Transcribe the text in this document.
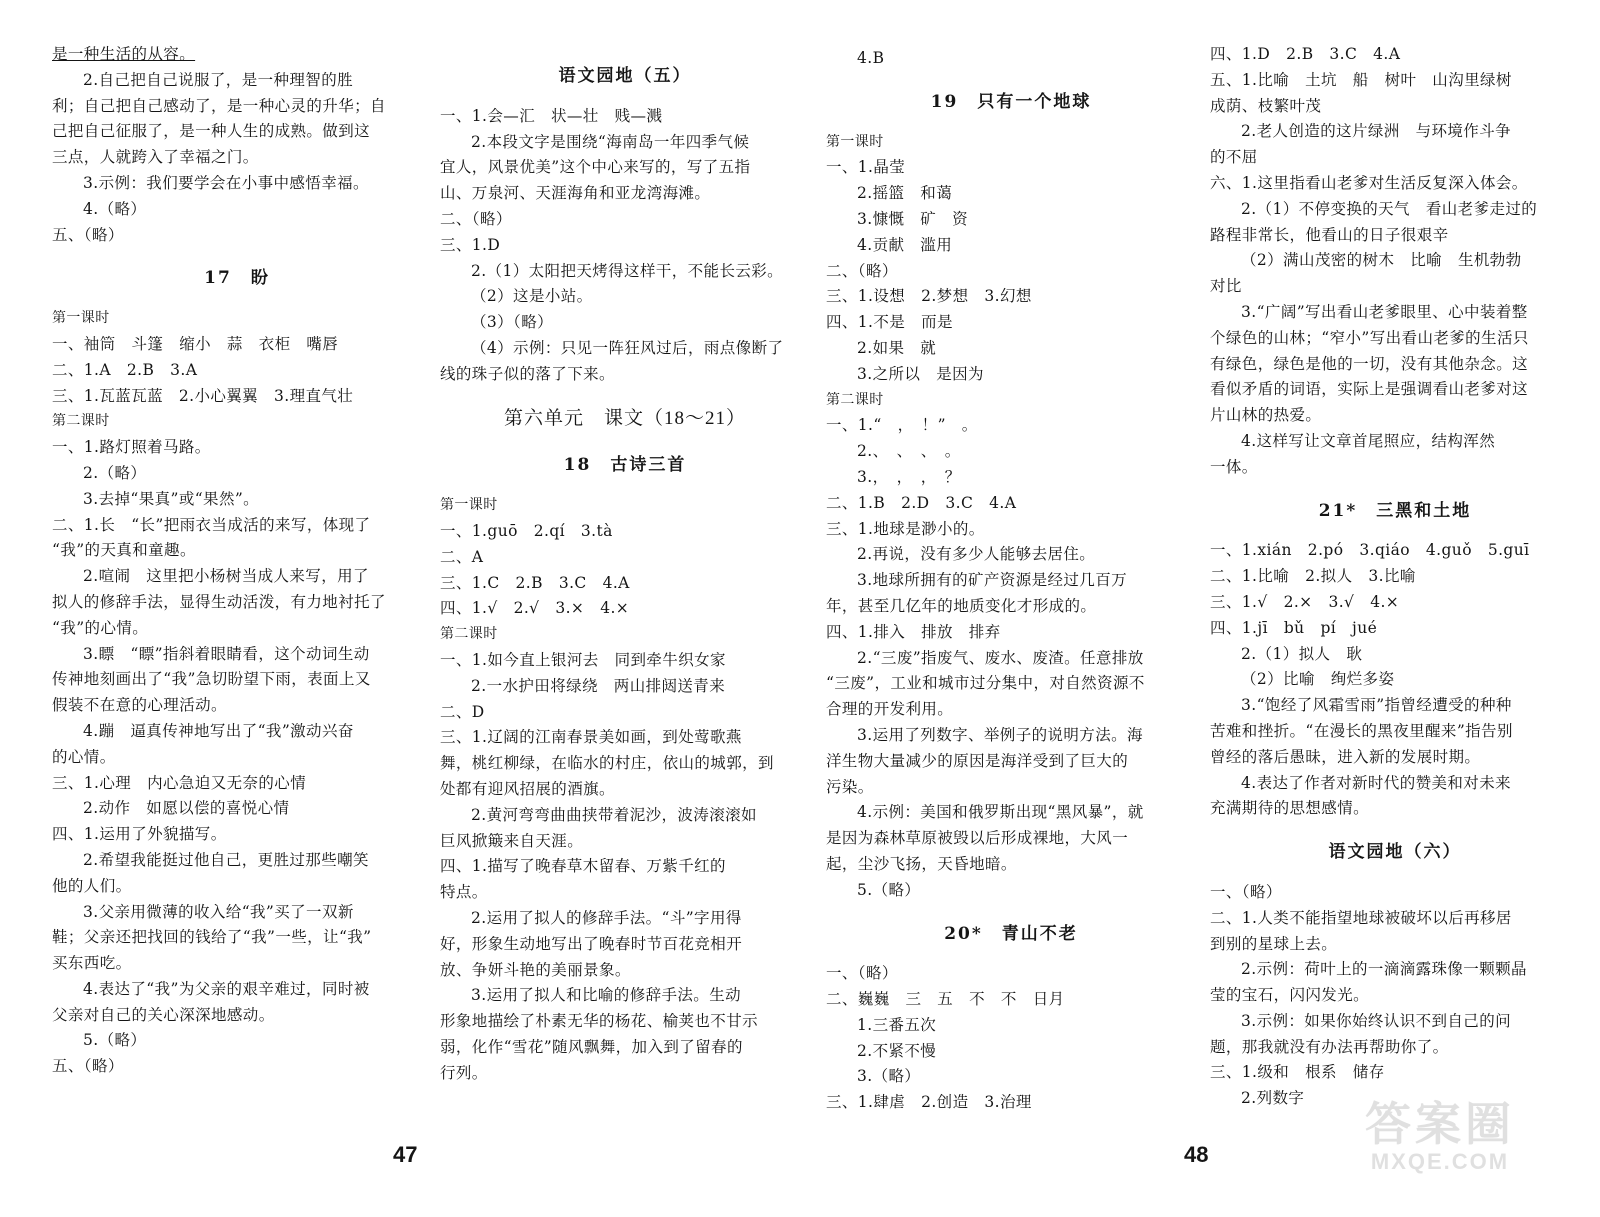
是一种生活的从容。
2.自己把自己说服了，是一种理智的胜
利；自己把自己感动了，是一种心灵的升华；自
己把自己征服了，是一种人生的成熟。做到这
三点，人就跨入了幸福之门。
3.示例：我们要学会在小事中感悟幸福。
4.（略）
五、（略）
17　盼
第一课时
一、袖筒　斗篷　缩小　蒜　衣柜　嘴唇
二、1.A　2.B　3.A
三、1.瓦蓝瓦蓝　2.小心翼翼　3.理直气壮
第二课时
一、1.路灯照着马路。
2.（略）
3.去掉“果真”或“果然”。
二、1.长　“长”把雨衣当成活的来写，体现了
“我”的天真和童趣。
2.喧闹　这里把小杨树当成人来写，用了
拟人的修辞手法，显得生动活泼，有力地衬托了
“我”的心情。
3.瞟　“瞟”指斜着眼睛看，这个动词生动
传神地刻画出了“我”急切盼望下雨，表面上又
假装不在意的心理活动。
4.蹦　逼真传神地写出了“我”激动兴奋
的心情。
三、1.心理　内心急迫又无奈的心情
2.动作　如愿以偿的喜悦心情
四、1.运用了外貌描写。
2.希望我能挺过他自己，更胜过那些嘲笑
他的人们。
3.父亲用微薄的收入给“我”买了一双新
鞋；父亲还把找回的钱给了“我”一些，让“我”
买东西吃。
4.表达了“我”为父亲的艰辛难过，同时被
父亲对自己的关心深深地感动。
5.（略）
五、（略）
语文园地（五）
一、1.会—汇　状—壮　贱—溅
2.本段文字是围绕“海南岛一年四季气候
宜人，风景优美”这个中心来写的，写了五指
山、万泉河、天涯海角和亚龙湾海滩。
二、（略）
三、1.D
2.（1）太阳把天烤得这样干，不能长云彩。
（2）这是小站。
（3）（略）
（4）示例：只见一阵狂风过后，雨点像断了
线的珠子似的落了下来。
第六单元　课文（18～21）
18　古诗三首
第一课时
一、1.guō　2.qí　3.tà
二、A
三、1.C　2.B　3.C　4.A
四、1.√　2.√　3.×　4.×
第二课时
一、1.如今直上银河去　同到牵牛织女家
2.一水护田将绿绕　两山排闼送青来
二、D
三、1.辽阔的江南春景美如画，到处莺歌燕
舞，桃红柳绿，在临水的村庄，依山的城郭，到
处都有迎风招展的酒旗。
2.黄河弯弯曲曲挟带着泥沙，波涛滚滚如
巨风掀簸来自天涯。
四、1.描写了晚春草木留春、万紫千红的
特点。
2.运用了拟人的修辞手法。“斗”字用得
好，形象生动地写出了晚春时节百花竞相开
放、争妍斗艳的美丽景象。
3.运用了拟人和比喻的修辞手法。生动
形象地描绘了朴素无华的杨花、榆荚也不甘示
弱，化作“雪花”随风飘舞，加入到了留春的
行列。
47
4.B
19　只有一个地球
第一课时
一、1.晶莹
2.摇篮　和蔼
3.慷慨　矿　资
4.贡献　滥用
二、（略）
三、1.设想　2.梦想　3.幻想
四、1.不是　而是
2.如果　就
3.之所以　是因为
第二课时
一、1.“　，　！”　。
2.、　、　、　。
3.，　，　，　？
二、1.B　2.D　3.C　4.A
三、1.地球是渺小的。
2.再说，没有多少人能够去居住。
3.地球所拥有的矿产资源是经过几百万
年，甚至几亿年的地质变化才形成的。
四、1.排入　排放　排弃
2.“三废”指废气、废水、废渣。任意排放
“三废”，工业和城市过分集中，对自然资源不
合理的开发利用。
3.运用了列数字、举例子的说明方法。海
洋生物大量减少的原因是海洋受到了巨大的
污染。
4.示例：美国和俄罗斯出现“黑风暴”，就
是因为森林草原被毁以后形成裸地，大风一
起，尘沙飞扬，天昏地暗。
5.（略）
20*　青山不老
一、（略）
二、巍巍　三　五　不　不　日月
1.三番五次
2.不紧不慢
3.（略）
三、1.肆虐　2.创造　3.治理
四、1.D　2.B　3.C　4.A
五、1.比喻　土坑　船　树叶　山沟里绿树
成荫、枝繁叶茂
2.老人创造的这片绿洲　与环境作斗争
的不屈
六、1.这里指看山老爹对生活反复深入体会。
2.（1）不停变换的天气　看山老爹走过的
路程非常长，他看山的日子很艰辛
（2）满山茂密的树木　比喻　生机勃勃
对比
3.“广阔”写出看山老爹眼里、心中装着整
个绿色的山林；“窄小”写出看山老爹的生活只
有绿色，绿色是他的一切，没有其他杂念。这
看似矛盾的词语，实际上是强调看山老爹对这
片山林的热爱。
4.这样写让文章首尾照应，结构浑然
一体。
21*　三黑和土地
一、1.xián　2.pó　3.qiáo　4.guǒ　5.guī
二、1.比喻　2.拟人　3.比喻
三、1.√　2.×　3.√　4.×
四、1.jī　bǔ　pí　jué
2.（1）拟人　耿
（2）比喻　绚烂多姿
3.“饱经了风霜雪雨”指曾经遭受的种种
苦难和挫折。“在漫长的黑夜里醒来”指告别
曾经的落后愚昧，进入新的发展时期。
4.表达了作者对新时代的赞美和对未来
充满期待的思想感情。
语文园地（六）
一、（略）
二、1.人类不能指望地球被破坏以后再移居
到别的星球上去。
2.示例：荷叶上的一滴滴露珠像一颗颗晶
莹的宝石，闪闪发光。
3.示例：如果你始终认识不到自己的问
题，那我就没有办法再帮助你了。
三、1.级和　根系　储存
2.列数字
48
答案圈
MXQE.COM
